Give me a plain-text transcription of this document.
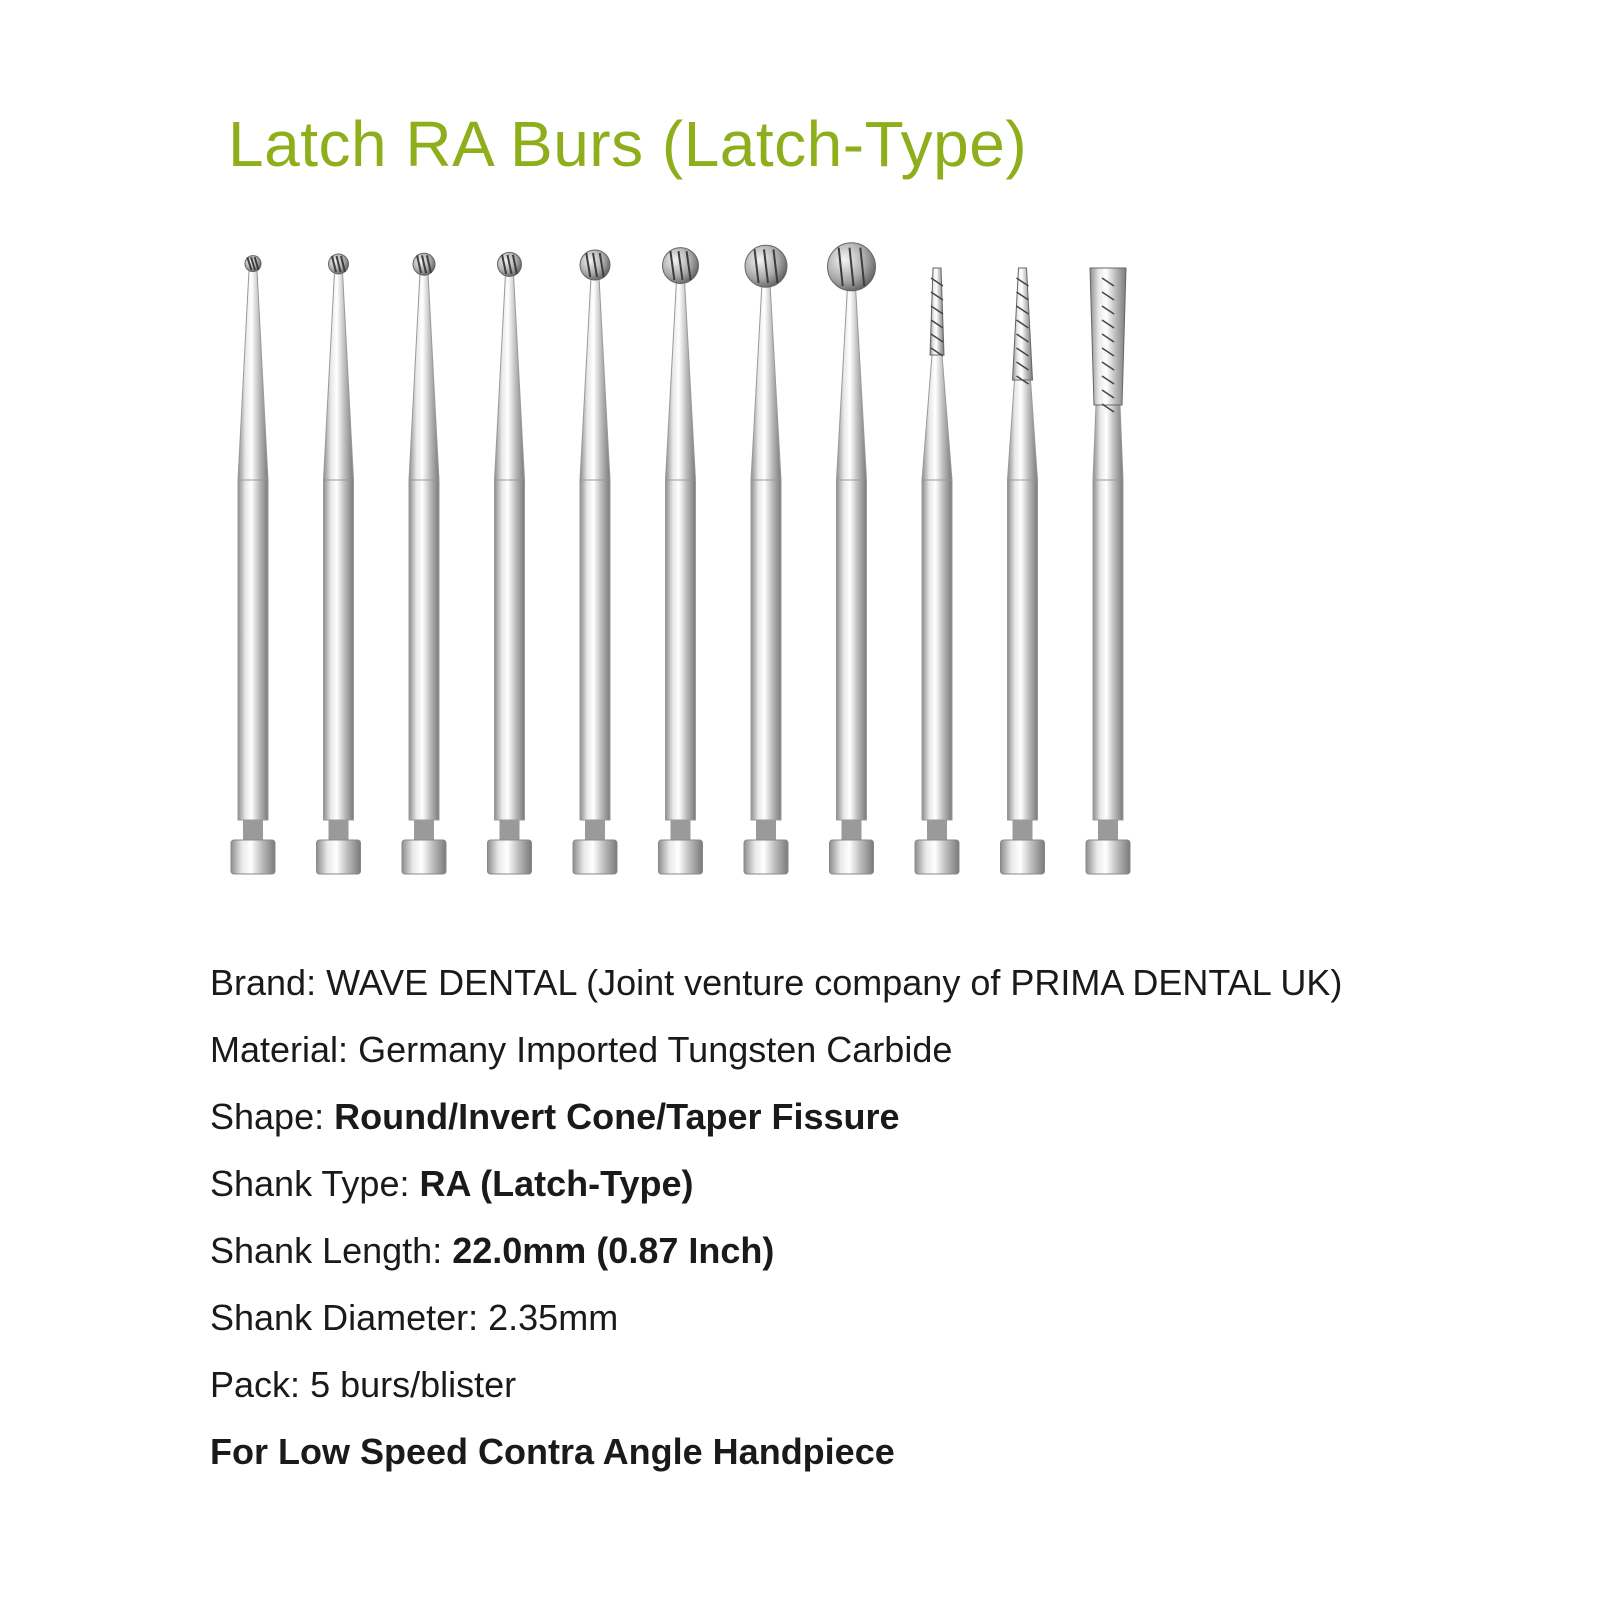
Latch RA Burs (Latch-Type)
Brand: WAVE DENTAL (Joint venture company of PRIMA DENTAL UK)
Material: Germany Imported Tungsten Carbide
Shape: Round/Invert Cone/Taper Fissure
Shank Type: RA (Latch-Type)
Shank Length: 22.0mm (0.87 Inch)
Shank Diameter: 2.35mm
Pack: 5 burs/blister
For Low Speed Contra Angle Handpiece
